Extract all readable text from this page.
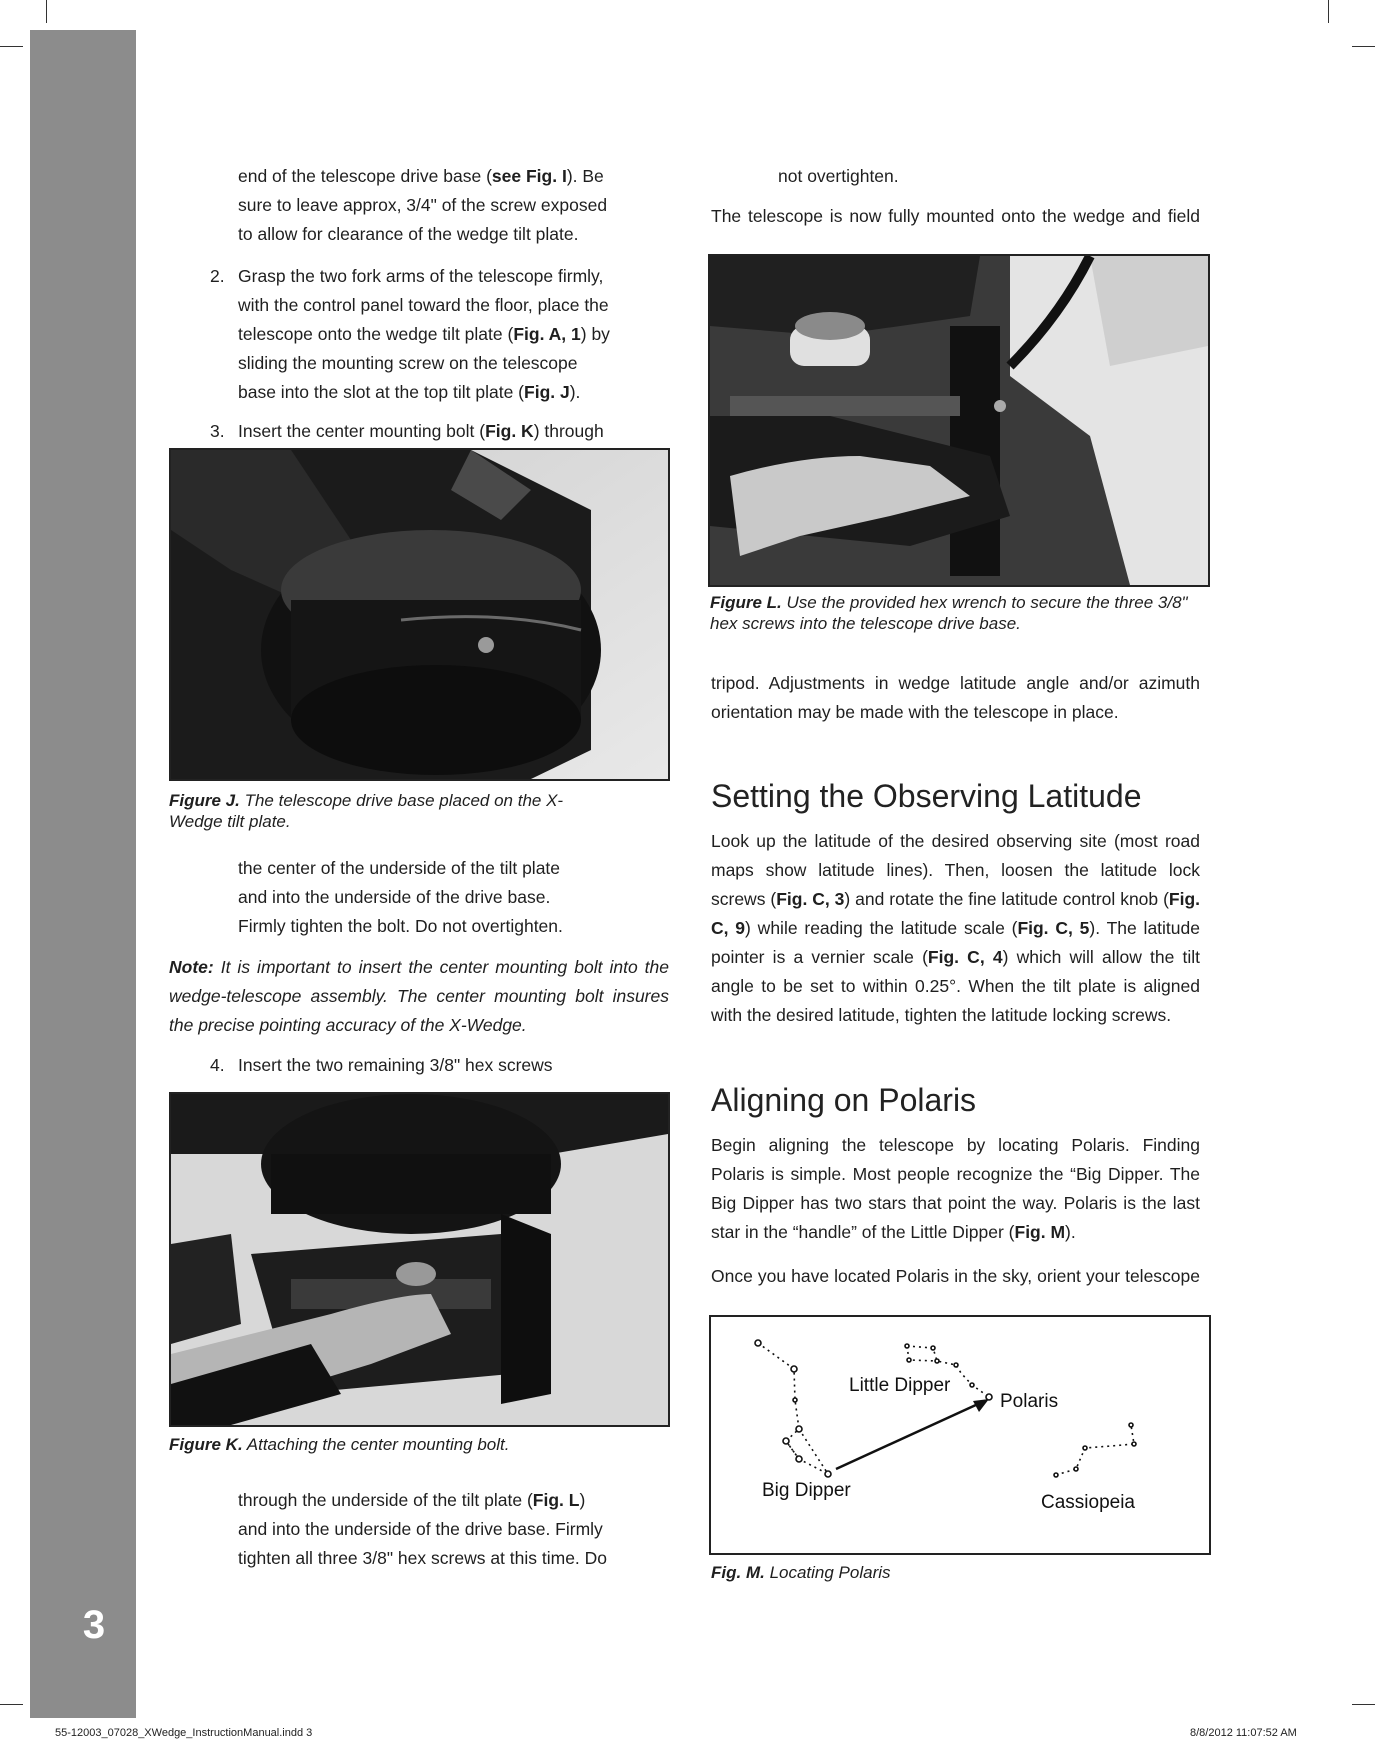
3

end of the telescope drive base (see Fig. I). Be sure to leave approx, 3/4" of the screw exposed to allow for clearance of the wedge tilt plate.

2. Grasp the two fork arms of the telescope firmly, with the control panel toward the floor, place the telescope onto the wedge tilt plate (Fig. A, 1) by sliding the mounting screw on the telescope base into the slot at the top tilt plate (Fig. J).

3. Insert the center mounting bolt (Fig. K) through

Figure J. The telescope drive base placed on the X-Wedge tilt plate.

the center of the underside of the tilt plate and into the underside of the drive base. Firmly tighten the bolt. Do not overtighten.

Note: It is important to insert the center mounting bolt into the wedge-telescope assembly. The center mounting bolt insures the precise pointing accuracy of the X-Wedge.

4. Insert the two remaining 3/8" hex screws

Figure K. Attaching the center mounting bolt.

through the underside of the tilt plate (Fig. L) and into the underside of the drive base. Firmly tighten all three 3/8" hex screws at this time. Do

not overtighten.

The telescope is now fully mounted onto the wedge and field

Figure L. Use the provided hex wrench to secure the three 3/8" hex screws into the telescope drive base.

tripod. Adjustments in wedge latitude angle and/or azimuth orientation may be made with the telescope in place.

Setting the Observing Latitude

Look up the latitude of the desired observing site (most road maps show latitude lines). Then, loosen the latitude lock screws (Fig. C, 3) and rotate the fine latitude control knob (Fig. C, 9) while reading the latitude scale (Fig. C, 5). The latitude pointer is a vernier scale (Fig. C, 4) which will allow the tilt angle to be set to within 0.25°. When the tilt plate is aligned with the desired latitude, tighten the latitude locking screws.

Aligning on Polaris

Begin aligning the telescope by locating Polaris. Finding Polaris is simple. Most people recognize the “Big Dipper. The Big Dipper has two stars that point the way. Polaris is the last star in the “handle” of the Little Dipper (Fig. M).

Once you have located Polaris in the sky, orient your telescope

Little Dipper
Polaris
Big Dipper
Cassiopeia
Fig. M. Locating Polaris
55-12003_07028_XWedge_InstructionManual.indd 3	8/8/2012 11:07:52 AM
